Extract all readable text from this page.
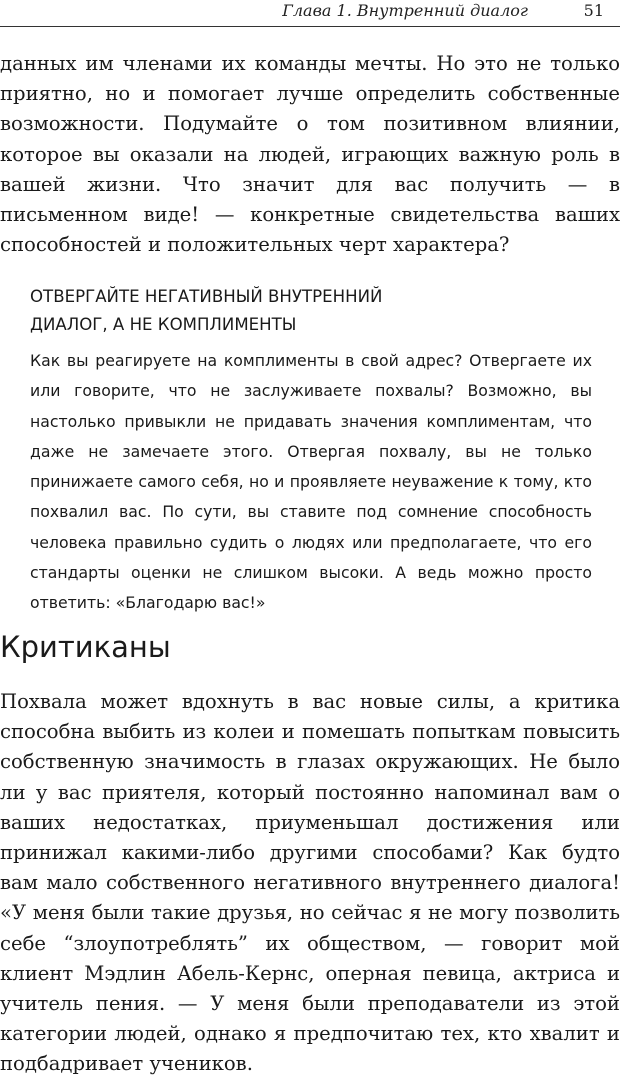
Глава 1. Внутренний диалог	51

данных им членами их команды мечты. Но это не только приятно, но и помогает лучше определить собственные возможности. Подумайте о том позитивном влиянии, которое вы оказали на людей, играющих важную роль в вашей жизни. Что значит для вас получить — в письменном виде! — конкретные свидетельства ваших способностей и положительных черт характера?

ОТВЕРГАЙТЕ НЕГАТИВНЫЙ ВНУТРЕННИЙ
ДИАЛОГ, А НЕ КОМПЛИМЕНТЫ

Как вы реагируете на комплименты в свой адрес? Отвергаете их или говорите, что не заслуживаете похвалы? Возможно, вы настолько привыкли не придавать значения комплиментам, что даже не замечаете этого. Отвергая похвалу, вы не только принижаете самого себя, но и проявляете неуважение к тому, кто похвалил вас. По сути, вы ставите под сомнение способность человека правильно судить о людях или предполагаете, что его стандарты оценки не слишком высоки. А ведь можно просто ответить: «Благодарю вас!»

Критиканы

Похвала может вдохнуть в вас новые силы, а критика способна выбить из колеи и помешать попыткам повысить собственную значимость в глазах окружающих. Не было ли у вас приятеля, который постоянно напоминал вам о ваших недостатках, приуменьшал достижения или принижал какими-либо другими способами? Как будто вам мало собственного негативного внутреннего диалога! «У меня были такие друзья, но сейчас я не могу позволить себе “злоупотреблять” их обществом, — говорит мой клиент Мэдлин Абель-Кернс, оперная певица, актриса и учитель пения. — У меня были преподаватели из этой категории людей, однако я предпочитаю тех, кто хвалит и подбадривает учеников.
